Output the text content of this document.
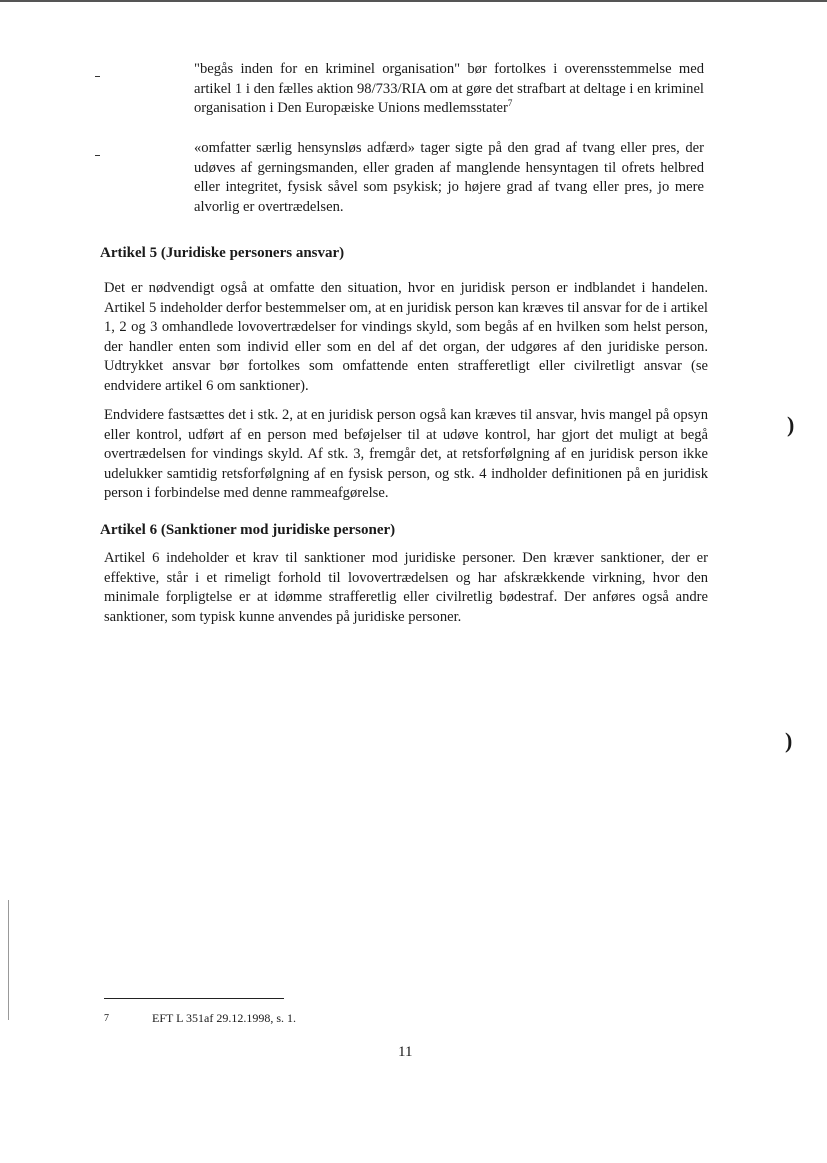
"begås inden for en kriminel organisation" bør fortolkes i overensstemmelse med artikel 1 i den fælles aktion 98/733/RIA om at gøre det strafbart at deltage i en kriminel organisation i Den Europæiske Unions medlemsstater$^7$

«omfatter særlig hensynsløs adfærd» tager sigte på den grad af tvang eller pres, der udøves af gerningsmanden, eller graden af manglende hensyntagen til ofrets helbred eller integritet, fysisk såvel som psykisk; jo højere grad af tvang eller pres, jo mere alvorlig er overtrædelsen.

Artikel 5 (Juridiske personers ansvar)

Det er nødvendigt også at omfatte den situation, hvor en juridisk person er indblandet i handelen. Artikel 5 indeholder derfor bestemmelser om, at en juridisk person kan kræves til ansvar for de i artikel 1, 2 og 3 omhandlede lovovertrædelser for vindings skyld, som begås af en hvilken som helst person, der handler enten som individ eller som en del af det organ, der udgøres af den juridiske person. Udtrykket ansvar bør fortolkes som omfattende enten strafferetligt eller civilretligt ansvar (se endvidere artikel 6 om sanktioner).

Endvidere fastsættes det i stk. 2, at en juridisk person også kan kræves til ansvar, hvis mangel på opsyn eller kontrol, udført af en person med beføjelser til at udøve kontrol, har gjort det muligt at begå overtrædelsen for vindings skyld. Af stk. 3, fremgår det, at retsforfølgning af en juridisk person ikke udelukker samtidig retsforfølgning af en fysisk person, og stk. 4 indholder definitionen på en juridisk person i forbindelse med denne rammeafgørelse.

Artikel 6 (Sanktioner mod juridiske personer)

Artikel 6 indeholder et krav til sanktioner mod juridiske personer. Den kræver sanktioner, der er effektive, står i et rimeligt forhold til lovovertrædelsen og har afskrækkende virkning, hvor den minimale forpligtelse er at idømme strafferetlig eller civilretlig bødestraf. Der anføres også andre sanktioner, som typisk kunne anvendes på juridiske personer.

)
)
7	EFT L 351af 29.12.1998, s. 1.
11
